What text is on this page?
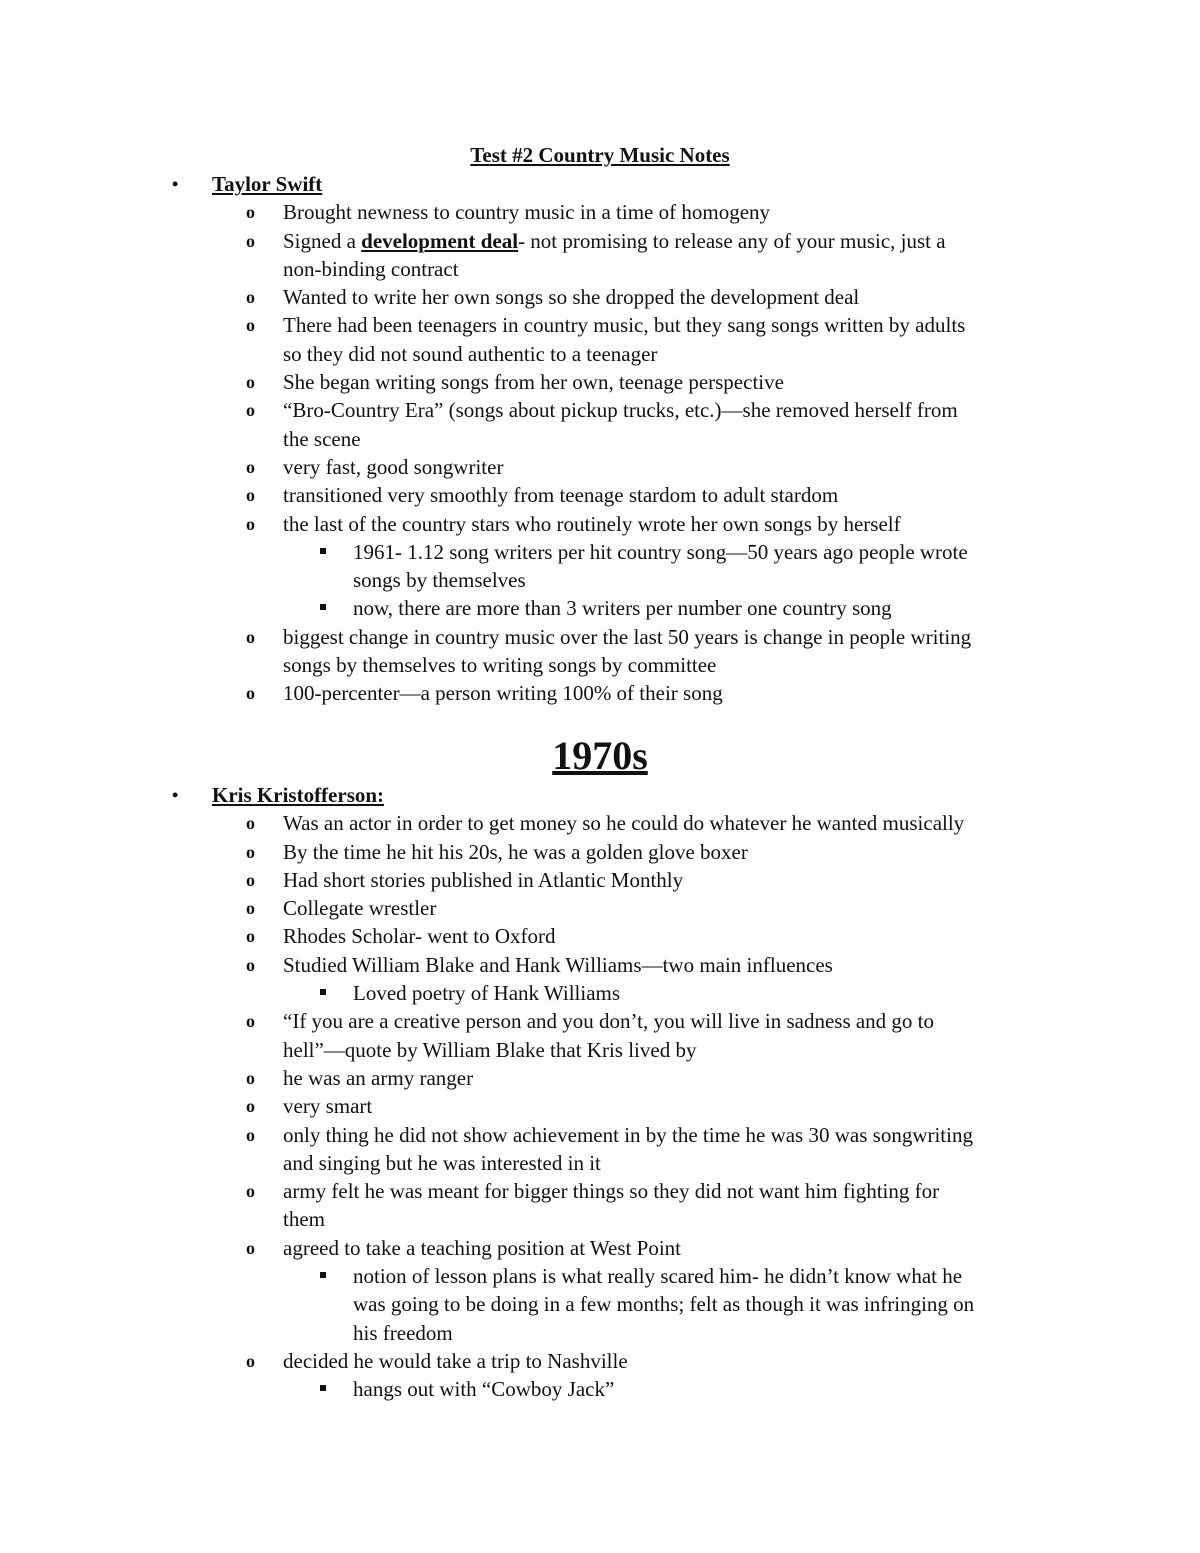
Test #2 Country Music Notes
• Taylor Swift
o Brought newness to country music in a time of homogeny
o Signed a development deal- not promising to release any of your music, just a
non-binding contract
o Wanted to write her own songs so she dropped the development deal
o There had been teenagers in country music, but they sang songs written by adults
so they did not sound authentic to a teenager
o She began writing songs from her own, teenage perspective
o “Bro-Country Era” (songs about pickup trucks, etc.)—she removed herself from
the scene
o very fast, good songwriter
o transitioned very smoothly from teenage stardom to adult stardom
o the last of the country stars who routinely wrote her own songs by herself
1961- 1.12 song writers per hit country song—50 years ago people wrote
songs by themselves
now, there are more than 3 writers per number one country song
o biggest change in country music over the last 50 years is change in people writing
songs by themselves to writing songs by committee
o 100-percenter—a person writing 100% of their song
1970s
• Kris Kristofferson:
o Was an actor in order to get money so he could do whatever he wanted musically
o By the time he hit his 20s, he was a golden glove boxer
o Had short stories published in Atlantic Monthly
o Collegate wrestler
o Rhodes Scholar- went to Oxford
o Studied William Blake and Hank Williams—two main influences
Loved poetry of Hank Williams
o “If you are a creative person and you don’t, you will live in sadness and go to
hell”—quote by William Blake that Kris lived by
o he was an army ranger
o very smart
o only thing he did not show achievement in by the time he was 30 was songwriting
and singing but he was interested in it
o army felt he was meant for bigger things so they did not want him fighting for
them
o agreed to take a teaching position at West Point
notion of lesson plans is what really scared him- he didn’t know what he
was going to be doing in a few months; felt as though it was infringing on
his freedom
o decided he would take a trip to Nashville
hangs out with “Cowboy Jack”
